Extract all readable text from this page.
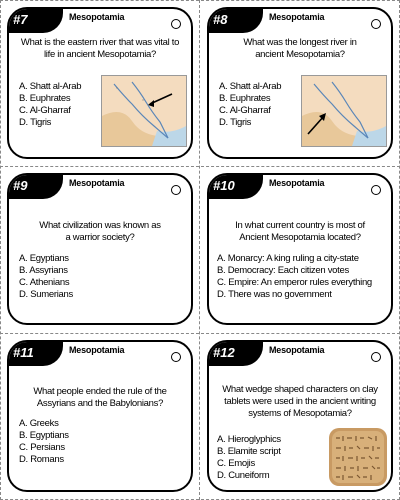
#7	Mesopotamia
What is the eastern river that was vital to life in ancient Mesopotamia?
A. Shatt al-Arab
B. Euphrates
C. Al-Gharraf
D. Tigris
#8	Mesopotamia
What was the longest river in ancient Mesopotamia?
A. Shatt al-Arab
B. Euphrates
C. Al-Gharraf
D. Tigris
#9	Mesopotamia
What civilization was known as a warrior society?
A. Egyptians
B. Assyrians
C. Athenians
D. Sumerians
#10	Mesopotamia
In what current country is most of Ancient Mesopotamia located?
A. Monarcy: A king ruling a city-state
B. Democracy: Each citizen votes
C. Empire: An emperor rules everything
D. There was no government
#11	Mesopotamia
What people ended the rule of the Assyrians and the Babylonians?
A. Greeks
B. Egyptians
C. Persians
D. Romans
#12	Mesopotamia
What wedge shaped characters on clay tablets were used in the ancient writing systems of Mesopotamia?
A. Hieroglyphics
B. Elamite script
C. Emojis
D. Cuneiform
